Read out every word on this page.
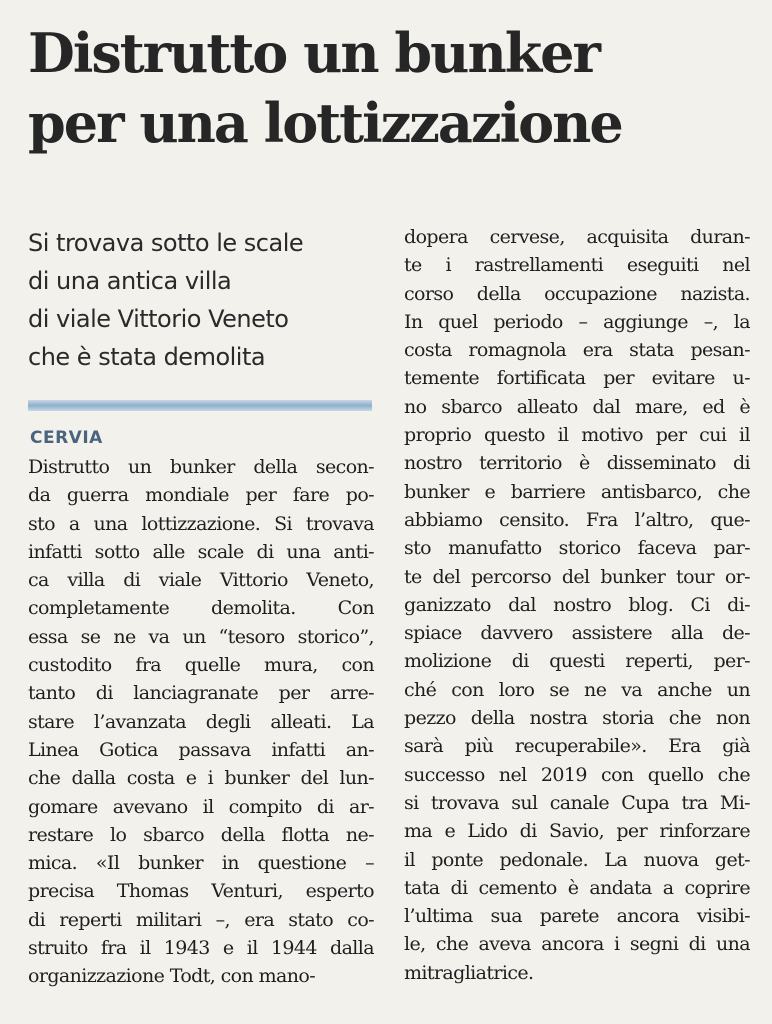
Distrutto un bunker
per una lottizzazione
Si trovava sotto le scale
di una antica villa
di viale Vittorio Veneto
che è stata demolita
CERVIA
Distrutto un bunker della secon-
da guerra mondiale per fare po-
sto a una lottizzazione. Si trovava
infatti sotto alle scale di una anti-
ca villa di viale Vittorio Veneto,
completamente demolita. Con
essa se ne va un “tesoro storico”,
custodito fra quelle mura, con
tanto di lanciagranate per arre-
stare l’avanzata degli alleati. La
Linea Gotica passava infatti an-
che dalla costa e i bunker del lun-
gomare avevano il compito di ar-
restare lo sbarco della flotta ne-
mica. «Il bunker in questione –
precisa Thomas Venturi, esperto
di reperti militari –, era stato co-
struito fra il 1943 e il 1944 dalla
organizzazione Todt, con mano-
dopera cervese, acquisita duran-
te i rastrellamenti eseguiti nel
corso della occupazione nazista.
In quel periodo – aggiunge –, la
costa romagnola era stata pesan-
temente fortificata per evitare u-
no sbarco alleato dal mare, ed è
proprio questo il motivo per cui il
nostro territorio è disseminato di
bunker e barriere antisbarco, che
abbiamo censito. Fra l’altro, que-
sto manufatto storico faceva par-
te del percorso del bunker tour or-
ganizzato dal nostro blog. Ci di-
spiace davvero assistere alla de-
molizione di questi reperti, per-
ché con loro se ne va anche un
pezzo della nostra storia che non
sarà più recuperabile». Era già
successo nel 2019 con quello che
si trovava sul canale Cupa tra Mi-
ma e Lido di Savio, per rinforzare
il ponte pedonale. La nuova get-
tata di cemento è andata a coprire
l’ultima sua parete ancora visibi-
le, che aveva ancora i segni di una
mitragliatrice.
